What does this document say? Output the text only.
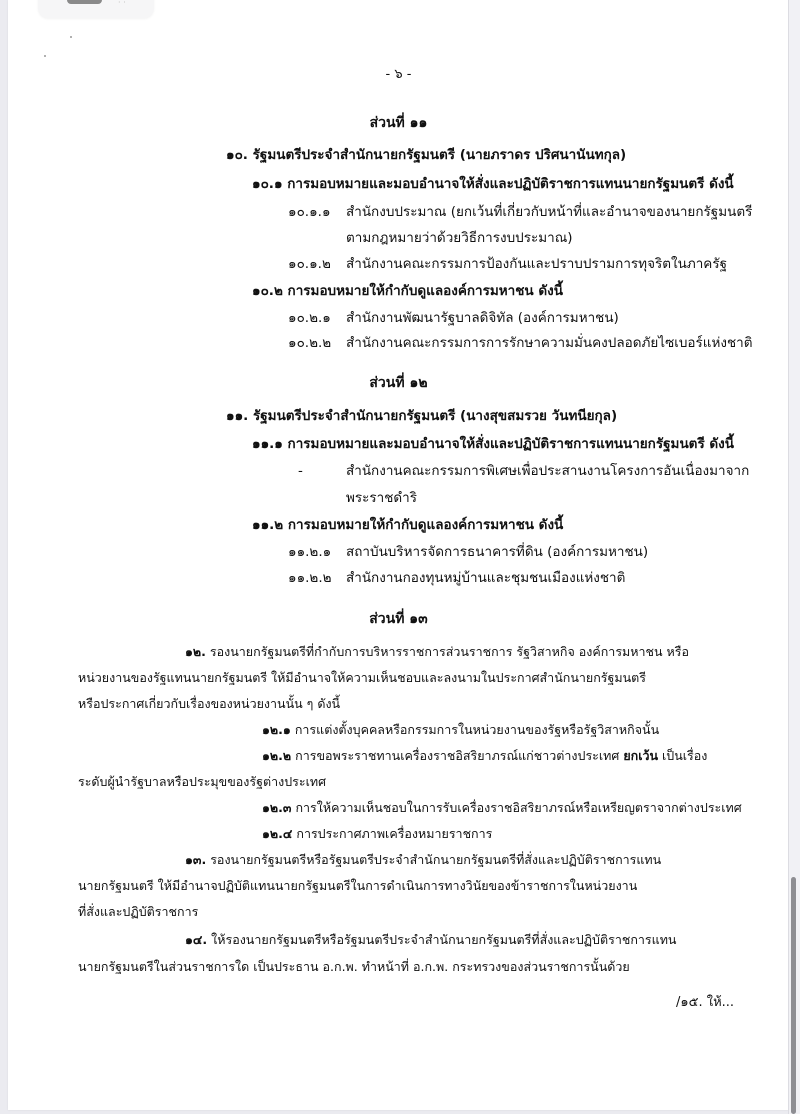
· ·
- ๖ -
ส่วนที่ ๑๑
๑๐. รัฐมนตรีประจำสำนักนายกรัฐมนตรี (นายภราดร ปริศนานันทกุล)
๑๐.๑ การมอบหมายและมอบอำนาจให้สั่งและปฏิบัติราชการแทนนายกรัฐมนตรี ดังนี้
๑๐.๑.๑ สำนักงบประมาณ (ยกเว้นที่เกี่ยวกับหน้าที่และอำนาจของนายกรัฐมนตรี
ตามกฎหมายว่าด้วยวิธีการงบประมาณ)
๑๐.๑.๒ สำนักงานคณะกรรมการป้องกันและปราบปรามการทุจริตในภาครัฐ
๑๐.๒ การมอบหมายให้กำกับดูแลองค์การมหาชน ดังนี้
๑๐.๒.๑ สำนักงานพัฒนารัฐบาลดิจิทัล (องค์การมหาชน)
๑๐.๒.๒ สำนักงานคณะกรรมการการรักษาความมั่นคงปลอดภัยไซเบอร์แห่งชาติ
ส่วนที่ ๑๒
๑๑. รัฐมนตรีประจำสำนักนายกรัฐมนตรี (นางสุขสมรวย วันทนียกุล)
๑๑.๑ การมอบหมายและมอบอำนาจให้สั่งและปฏิบัติราชการแทนนายกรัฐมนตรี ดังนี้
-	สำนักงานคณะกรรมการพิเศษเพื่อประสานงานโครงการอันเนื่องมาจาก
พระราชดำริ
๑๑.๒ การมอบหมายให้กำกับดูแลองค์การมหาชน ดังนี้
๑๑.๒.๑ สถาบันบริหารจัดการธนาคารที่ดิน (องค์การมหาชน)
๑๑.๒.๒ สำนักงานกองทุนหมู่บ้านและชุมชนเมืองแห่งชาติ
ส่วนที่ ๑๓
๑๒. รองนายกรัฐมนตรีที่กำกับการบริหารราชการส่วนราชการ รัฐวิสาหกิจ องค์การมหาชน หรือ
หน่วยงานของรัฐแทนนายกรัฐมนตรี ให้มีอำนาจให้ความเห็นชอบและลงนามในประกาศสำนักนายกรัฐมนตรี
หรือประกาศเกี่ยวกับเรื่องของหน่วยงานนั้น ๆ ดังนี้
๑๒.๑ การแต่งตั้งบุคคลหรือกรรมการในหน่วยงานของรัฐหรือรัฐวิสาหกิจนั้น
๑๒.๒ การขอพระราชทานเครื่องราชอิสริยาภรณ์แก่ชาวต่างประเทศ ยกเว้น เป็นเรื่อง
ระดับผู้นำรัฐบาลหรือประมุขของรัฐต่างประเทศ
๑๒.๓ การให้ความเห็นชอบในการรับเครื่องราชอิสริยาภรณ์หรือเหรียญตราจากต่างประเทศ
๑๒.๔ การประกาศภาพเครื่องหมายราชการ
๑๓. รองนายกรัฐมนตรีหรือรัฐมนตรีประจำสำนักนายกรัฐมนตรีที่สั่งและปฏิบัติราชการแทน
นายกรัฐมนตรี ให้มีอำนาจปฏิบัติแทนนายกรัฐมนตรีในการดำเนินการทางวินัยของข้าราชการในหน่วยงาน
ที่สั่งและปฏิบัติราชการ
๑๔. ให้รองนายกรัฐมนตรีหรือรัฐมนตรีประจำสำนักนายกรัฐมนตรีที่สั่งและปฏิบัติราชการแทน
นายกรัฐมนตรีในส่วนราชการใด เป็นประธาน อ.ก.พ. ทำหน้าที่ อ.ก.พ. กระทรวงของส่วนราชการนั้นด้วย
/๑๕. ให้...
